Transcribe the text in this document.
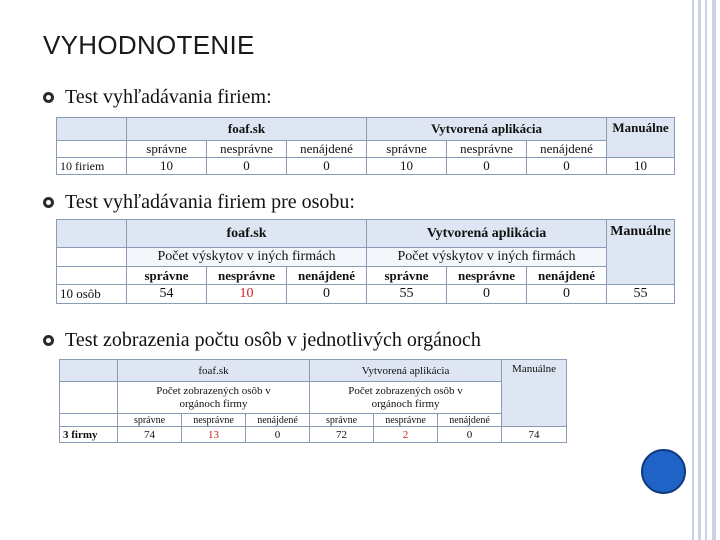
VYHODNOTENIE
Test vyhľadávania firiem:
	foaf.sk			Vytvorená aplikácia			Manuálne
	správne	nesprávne	nenájdené	správne	nesprávne	nenájdené	
10 firiem	10	0	0	10	0	0	10
Test vyhľadávania firiem pre osobu:
	foaf.sk			Vytvorená aplikácia			Manuálne
	Počet výskytov v iných firmách			Počet výskytov v iných firmách			
	správne	nesprávne	nenájdené	správne	nesprávne	nenájdené	
10 osôb	54	10	0	55	0	0	55
Test zobrazenia počtu osôb v jednotlivých orgánoch
	foaf.sk			Vytvorená aplikácia			Manuálne
	Počet zobrazených osôb v orgánoch firmy			Počet zobrazených osôb v orgánoch firmy			
	správne	nesprávne	nenájdené	správne	nesprávne	nenájdené	
3 firmy	74	13	0	72	2	0	74
